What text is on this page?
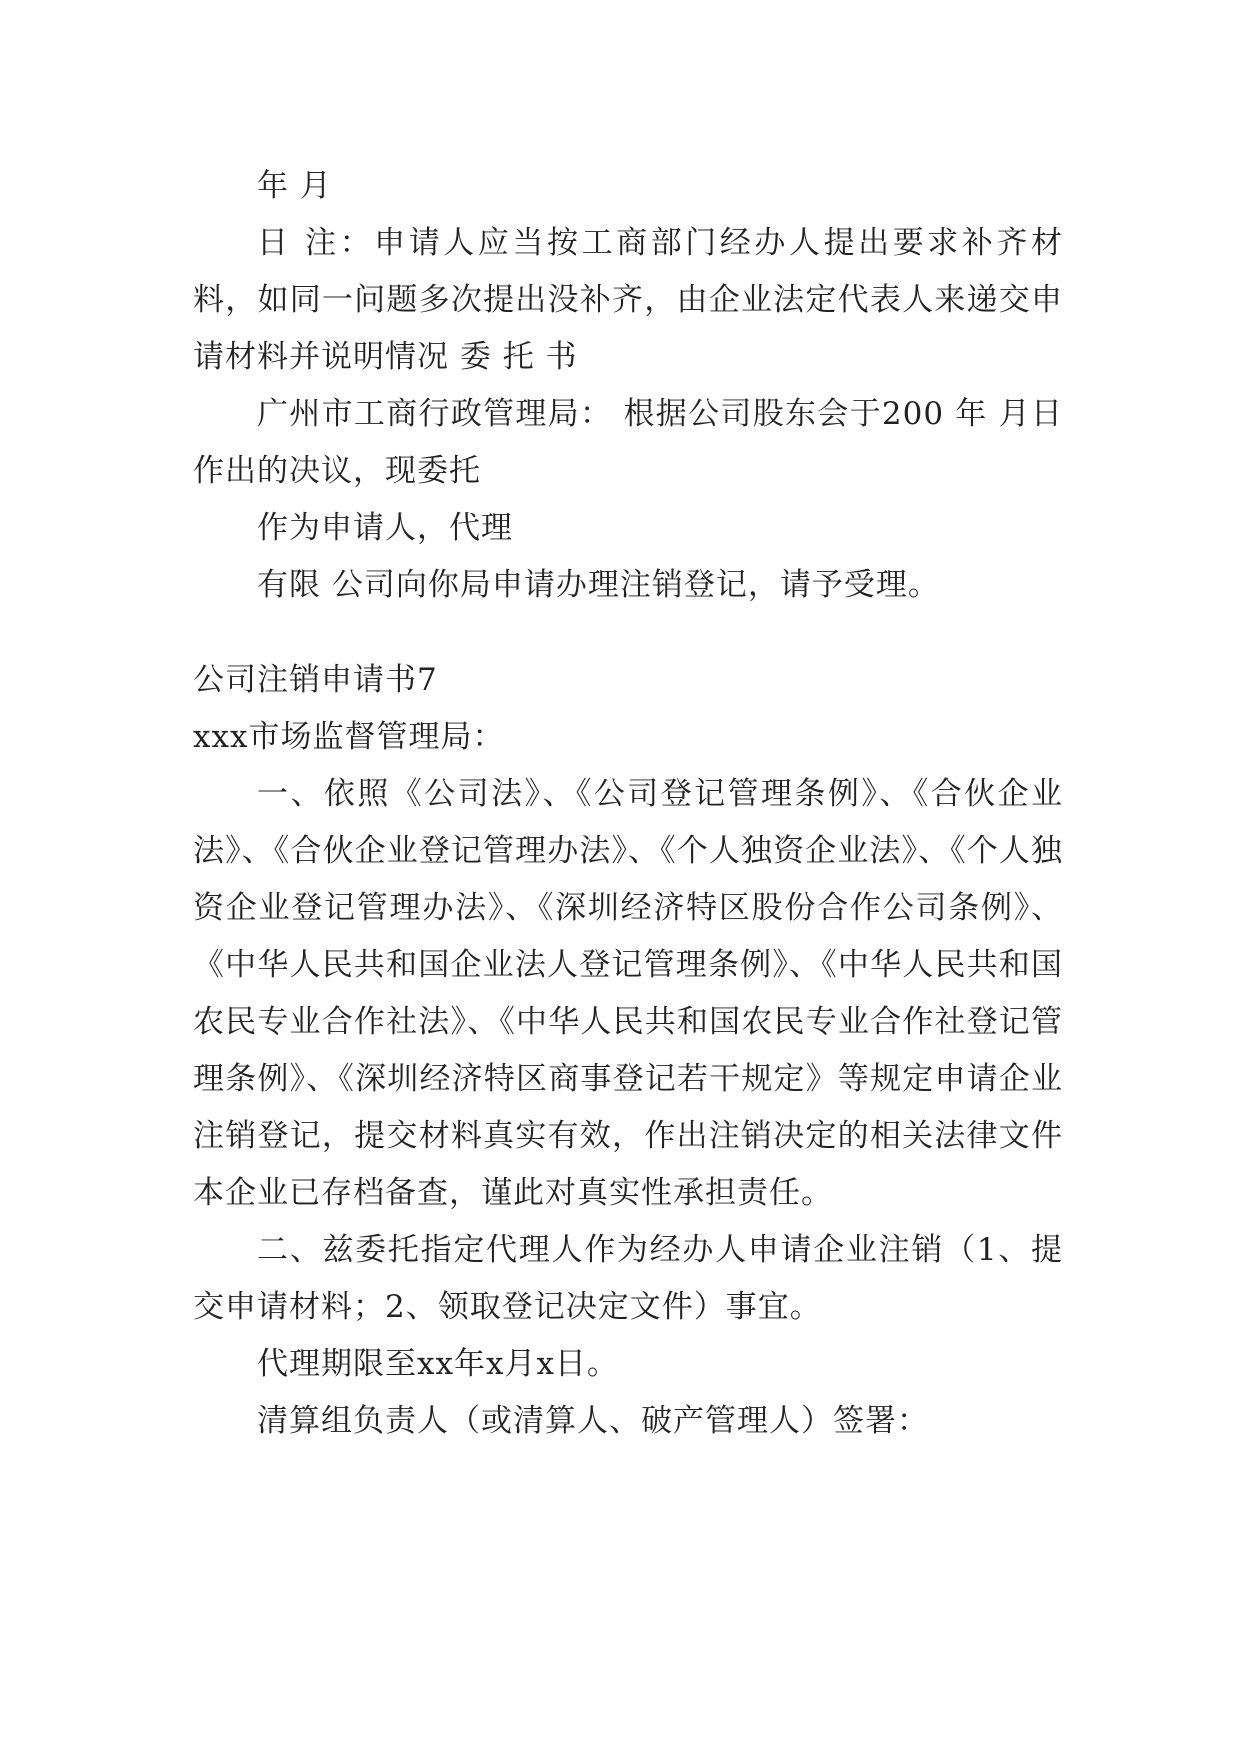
年 月

日 注：申请人应当按工商部门经办人提出要求补齐材料，如同一问题多次提出没补齐，由企业法定代表人来递交申请材料并说明情况 委 托 书

广州市工商行政管理局： 根据公司股东会于200 年 月日作出的决议，现委托

作为申请人，代理

有限 公司向你局申请办理注销登记，请予受理。

公司注销申请书7

xxx市场监督管理局：

一、依照《公司法》、《公司登记管理条例》、《合伙企业法》、《合伙企业登记管理办法》、《个人独资企业法》、《个人独资企业登记管理办法》、《深圳经济特区股份合作公司条例》、《中华人民共和国企业法人登记管理条例》、《中华人民共和国农民专业合作社法》、《中华人民共和国农民专业合作社登记管理条例》、《深圳经济特区商事登记若干规定》等规定申请企业注销登记，提交材料真实有效，作出注销决定的相关法律文件本企业已存档备查，谨此对真实性承担责任。

二、兹委托指定代理人作为经办人申请企业注销（1、提交申请材料；2、领取登记决定文件）事宜。

代理期限至xx年x月x日。

清算组负责人（或清算人、破产管理人）签署：
